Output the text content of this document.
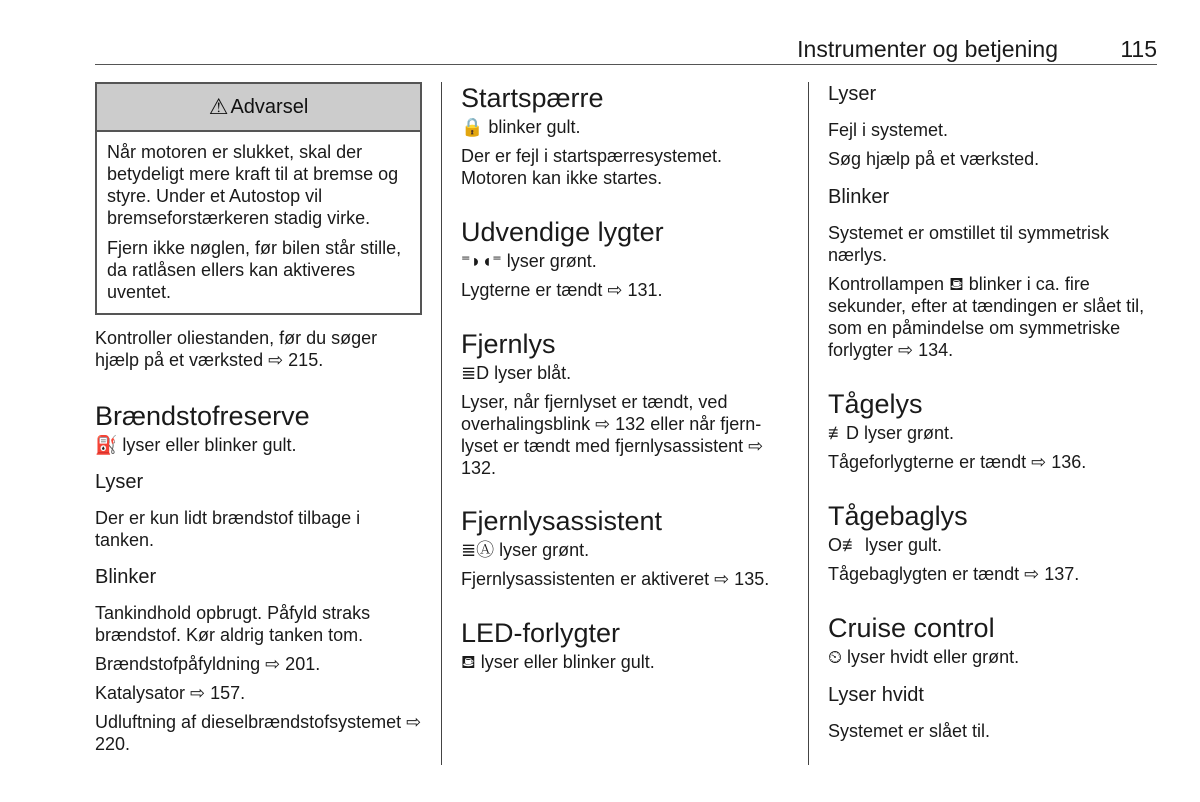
Instrumenter og betjening	115
⚠ Advarsel

Når motoren er slukket, skal der betydeligt mere kraft til at bremse og styre. Under et Autostop vil bremseforstærkeren stadig virke.

Fjern ikke nøglen, før bilen står stille, da ratlåsen ellers kan aktiveres uventet.

Kontroller oliestanden, før du søger hjælp på et værksted ⇨ 215.

Brændstofreserve

⛽ lyser eller blinker gult.

Lyser

Der er kun lidt brændstof tilbage i tanken.

Blinker

Tankindhold opbrugt. Påfyld straks brændstof. Kør aldrig tanken tom.

Brændstofpåfyldning ⇨ 201.

Katalysator ⇨ 157.

Udluftning af dieselbrændstofsystemet ⇨ 220.

Startspærre

🔒 blinker gult.

Der er fejl i startspærresystemet. Motoren kan ikke startes.

Udvendige lygter

⁼◗◖⁼ lyser grønt.

Lygterne er tændt ⇨ 131.

Fjernlys

≣D lyser blåt.

Lyser, når fjernlyset er tændt, ved overhalingsblink ⇨ 132 eller når fjernlyset er tændt med fjernlysassistent ⇨ 132.

Fjernlysassistent

≣Ⓐ lyser grønt.

Fjernlysassistenten er aktiveret ⇨ 135.

LED-forlygter

⛾ lyser eller blinker gult.

Lyser

Fejl i systemet.

Søg hjælp på et værksted.

Blinker

Systemet er omstillet til symmetrisk nærlys.

Kontrollampen ⛾ blinker i ca. fire sekunder, efter at tændingen er slået til, som en påmindelse om symmetriske forlygter ⇨ 134.

Tågelys

≢D lyser grønt.

Tågeforlygterne er tændt ⇨ 136.

Tågebaglys

O≢ lyser gult.

Tågebaglygten er tændt ⇨ 137.

Cruise control

⏲ lyser hvidt eller grønt.

Lyser hvidt

Systemet er slået til.
